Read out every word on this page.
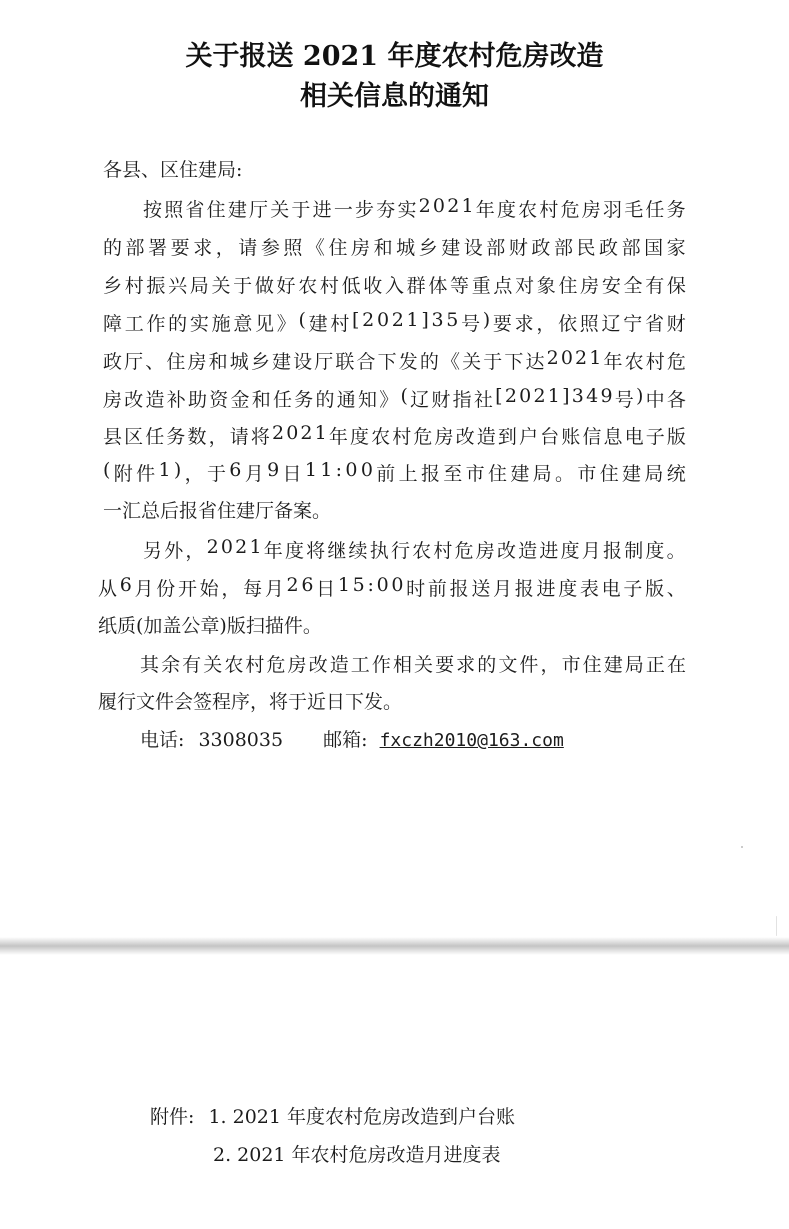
关于报送 2021 年度农村危房改造
相关信息的通知
各县、区住建局:
按 照 省 住 建 厅 关 于 进 一 步 夯 实 2 0 2 1 年 度 农 村 危 房 羽 毛 任 务
的 部 署 要 求 ， 请 参 照 《 住 房 和 城 乡 建 设 部 财 政 部 民 政 部 国 家
乡 村 振 兴 局 关 于 做 好 农 村 低 收 入 群 体 等 重 点 对 象 住 房 安 全 有 保
障 工 作 的 实 施 意 见 》 ( 建 村 [ 2 0 2 1 ] 3 5 号 ) 要 求 ， 依 照 辽 宁 省 财
政 厅 、 住 房 和 城 乡 建 设 厅 联 合 下 发 的 《 关 于 下 达 2 0 2 1 年 农 村 危
房 改 造 补 助 资 金 和 任 务 的 通 知 》 ( 辽 财 指 社 [ 2 0 2 1 ] 3 4 9 号 ) 中 各
县 区 任 务 数 ， 请 将 2 0 2 1 年 度 农 村 危 房 改 造 到 户 台 账 信 息 电 子 版
( 附 件 1 ) ， 于 6 月 9 日 1 1 : 0 0 前 上 报 至 市 住 建 局 。 市 住 建 局 统
一汇总后报省住建厅备案。
另 外 ， 2 0 2 1 年 度 将 继 续 执 行 农 村 危 房 改 造 进 度 月 报 制 度 。
从 6 月 份 开 始 ， 每 月 2 6 日 1 5 : 0 0 时 前 报 送 月 报 进 度 表 电 子 版 、
纸质(加盖公章)版扫描件。
其 余 有 关 农 村 危 房 改 造 工 作 相 关 要 求 的 文 件 ， 市 住 建 局 正 在
履行文件会签程序，将于近日下发。
电话: 3308035 邮箱: fxczh2010@163.com
附件: 1. 2021 年度农村危房改造到户台账
2. 2021 年农村危房改造月进度表
